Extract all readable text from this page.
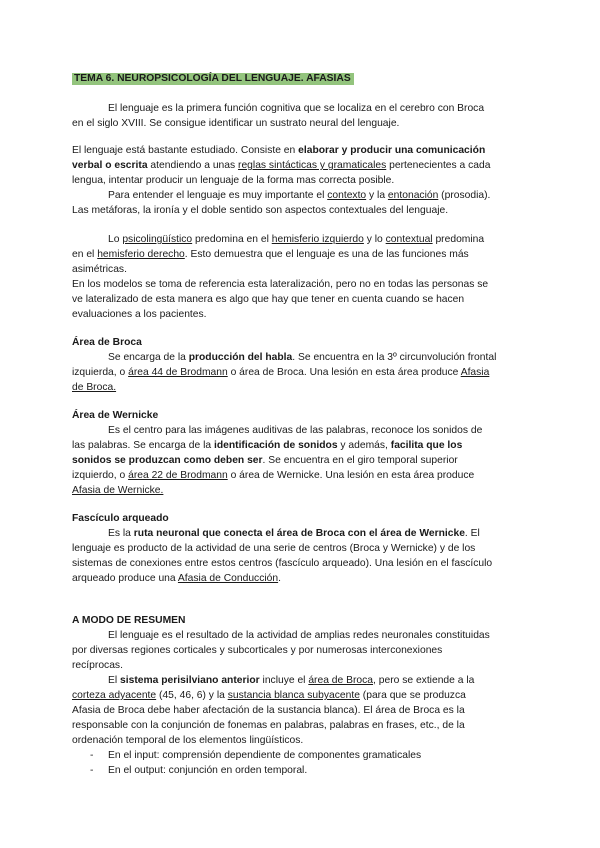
TEMA 6. NEUROPSICOLOGÍA DEL LENGUAJE. AFASIAS
El lenguaje es la primera función cognitiva que se localiza en el cerebro con Broca
en el siglo XVIII. Se consigue identificar un sustrato neural del lenguaje.
El lenguaje está bastante estudiado. Consiste en elaborar y producir una comunicación
verbal o escrita atendiendo a unas reglas sintácticas y gramaticales pertenecientes a cada
lengua, intentar producir un lenguaje de la forma mas correcta posible.
Para entender el lenguaje es muy importante el contexto y la entonación (prosodia).
Las metáforas, la ironía y el doble sentido son aspectos contextuales del lenguaje.
Lo psicolingüístico predomina en el hemisferio izquierdo y lo contextual predomina
en el hemisferio derecho. Esto demuestra que el lenguaje es una de las funciones más
asimétricas.
En los modelos se toma de referencia esta lateralización, pero no en todas las personas se
ve lateralizado de esta manera es algo que hay que tener en cuenta cuando se hacen
evaluaciones a los pacientes.
Área de Broca
Se encarga de la producción del habla. Se encuentra en la 3º circunvolución frontal
izquierda, o área 44 de Brodmann o área de Broca. Una lesión en esta área produce Afasia
de Broca.
Área de Wernicke
Es el centro para las imágenes auditivas de las palabras, reconoce los sonidos de
las palabras. Se encarga de la identificación de sonidos y además, facilita que los
sonidos se produzcan como deben ser. Se encuentra en el giro temporal superior
izquierdo, o área 22 de Brodmann o área de Wernicke. Una lesión en esta área produce
Afasia de Wernicke.
Fascículo arqueado
Es la ruta neuronal que conecta el área de Broca con el área de Wernicke. El
lenguaje es producto de la actividad de una serie de centros (Broca y Wernicke) y de los
sistemas de conexiones entre estos centros (fascículo arqueado). Una lesión en el fascículo
arqueado produce una Afasia de Conducción.
A MODO DE RESUMEN
El lenguaje es el resultado de la actividad de amplias redes neuronales constituidas
por diversas regiones corticales y subcorticales y por numerosas interconexiones
recíprocas.
El sistema perisilviano anterior incluye el área de Broca, pero se extiende a la
corteza adyacente (45, 46, 6) y la sustancia blanca subyacente (para que se produzca
Afasia de Broca debe haber afectación de la sustancia blanca). El área de Broca es la
responsable con la conjunción de fonemas en palabras, palabras en frases, etc., de la
ordenación temporal de los elementos lingüísticos.
- En el input: comprensión dependiente de componentes gramaticales
- En el output: conjunción en orden temporal.
